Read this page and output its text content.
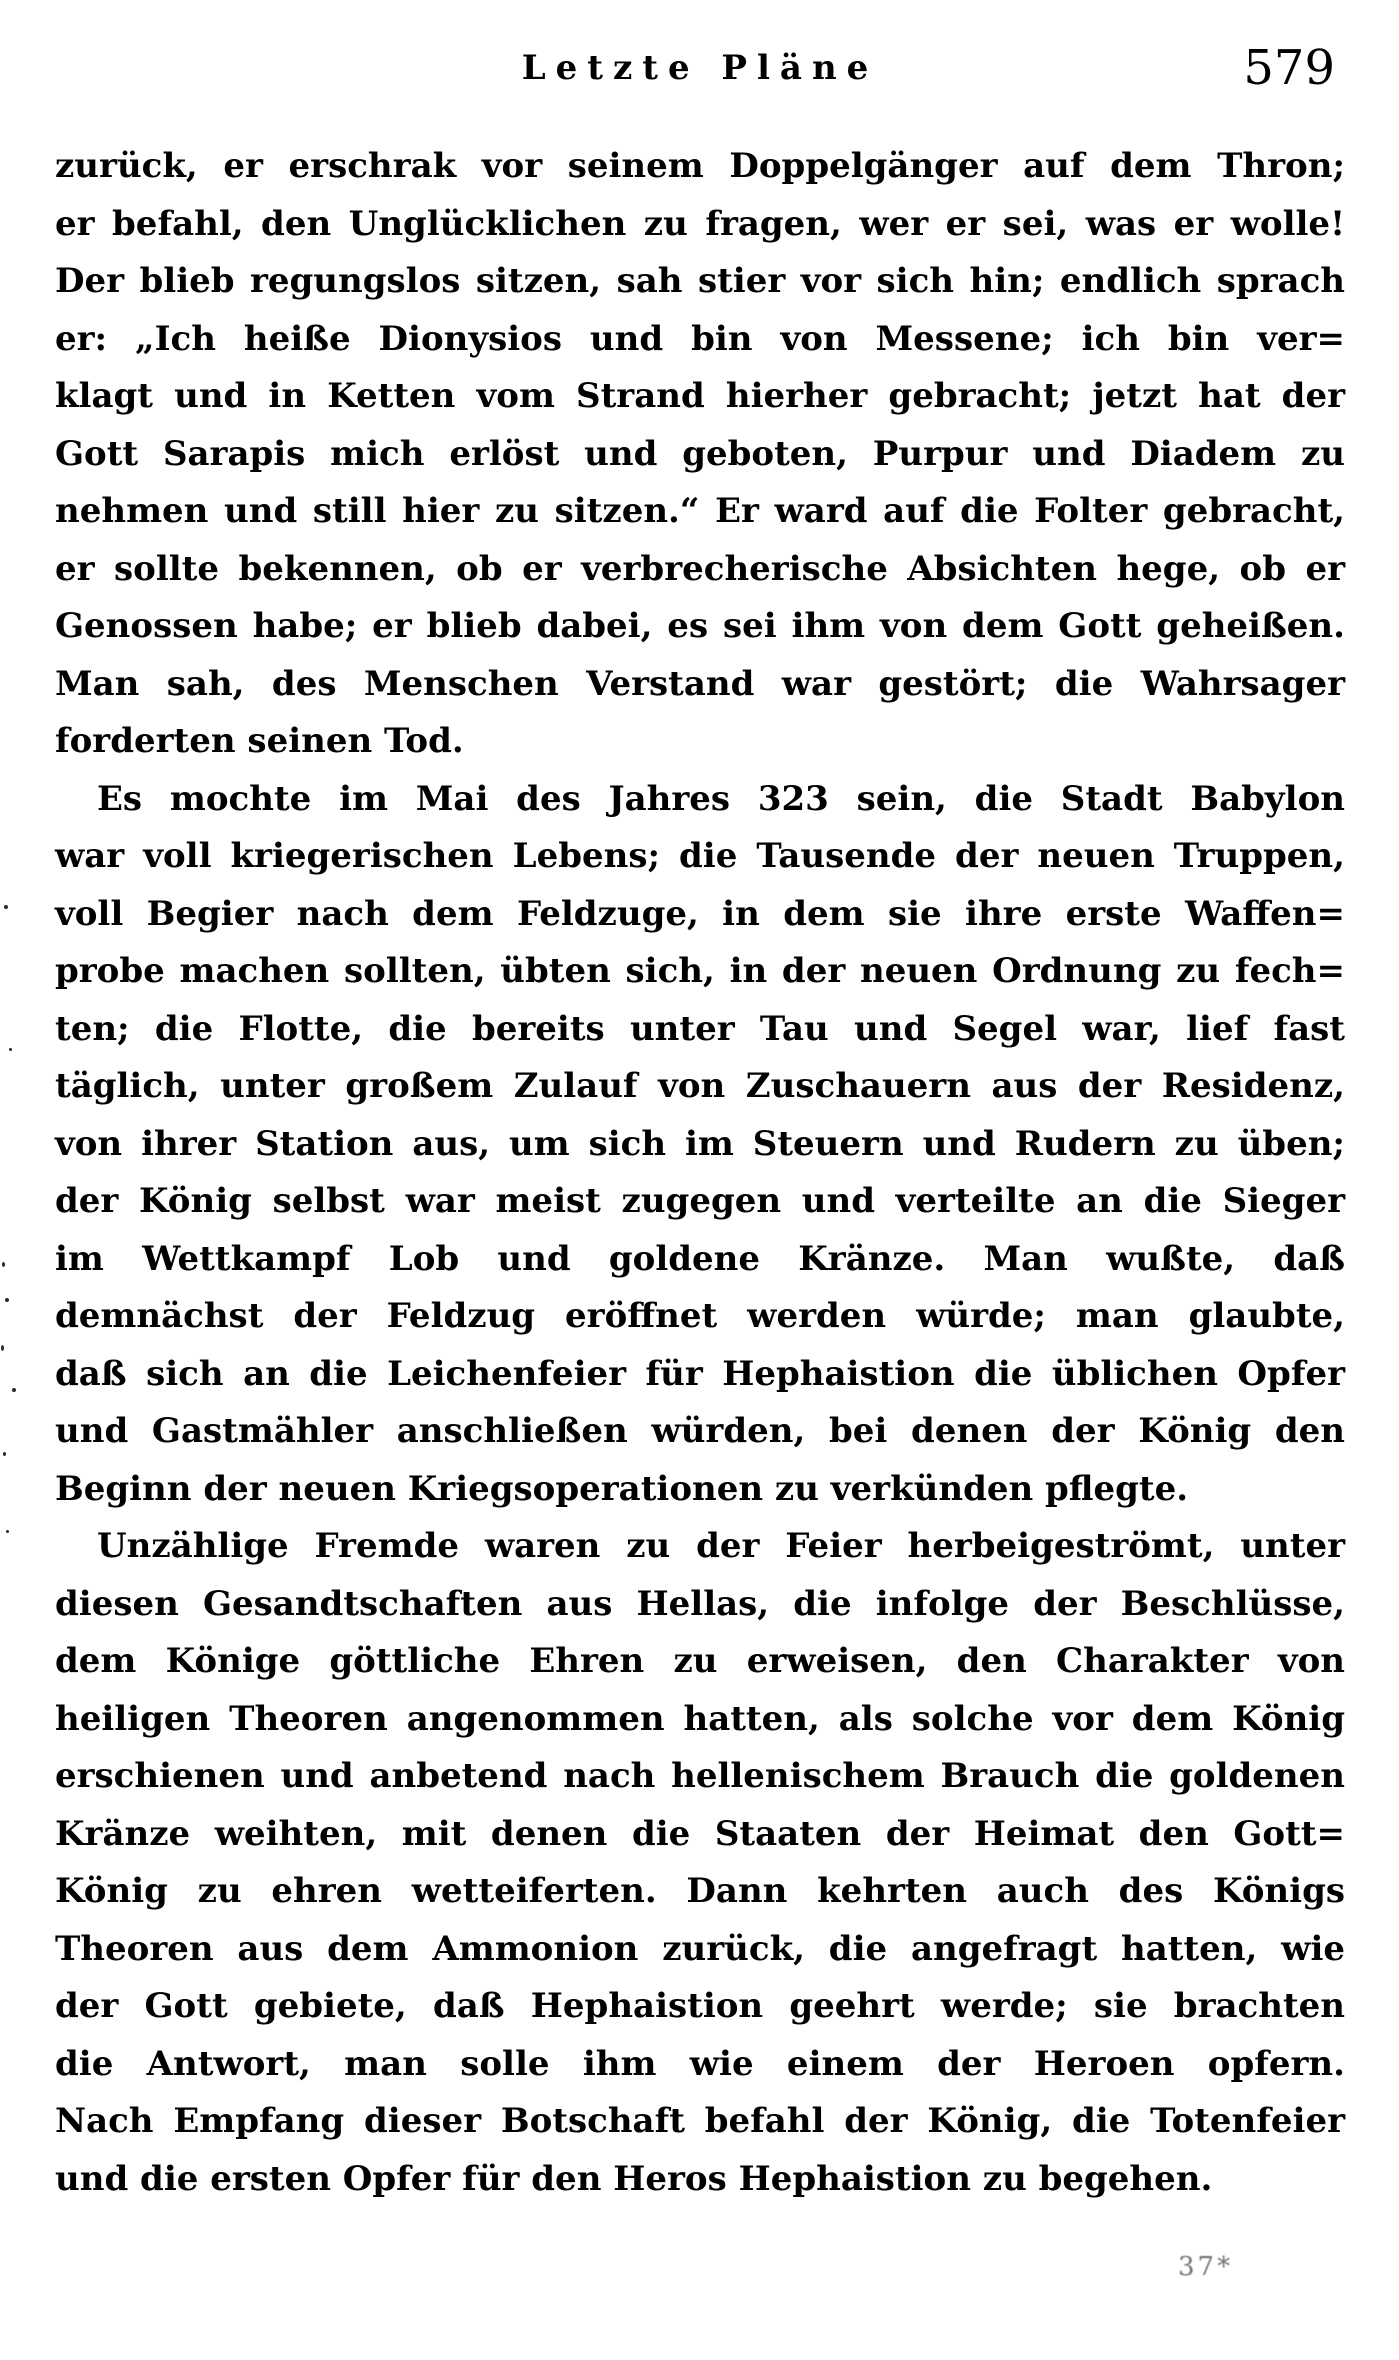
Letzte Pläne	579
zurück, er erschrak vor seinem Doppelgänger auf dem Thron;
er befahl, den Unglücklichen zu fragen, wer er sei, was er wolle!
Der blieb regungslos sitzen, sah stier vor sich hin; endlich sprach
er: „Ich heiße Dionysios und bin von Messene; ich bin ver=
klagt und in Ketten vom Strand hierher gebracht; jetzt hat der
Gott Sarapis mich erlöst und geboten, Purpur und Diadem zu
nehmen und still hier zu sitzen.“ Er ward auf die Folter gebracht,
er sollte bekennen, ob er verbrecherische Absichten hege, ob er
Genossen habe; er blieb dabei, es sei ihm von dem Gott geheißen.
Man sah, des Menschen Verstand war gestört; die Wahrsager
forderten seinen Tod.
Es mochte im Mai des Jahres 323 sein, die Stadt Babylon
war voll kriegerischen Lebens; die Tausende der neuen Truppen,
voll Begier nach dem Feldzuge, in dem sie ihre erste Waffen=
probe machen sollten, übten sich, in der neuen Ordnung zu fech=
ten; die Flotte, die bereits unter Tau und Segel war, lief fast
täglich, unter großem Zulauf von Zuschauern aus der Residenz,
von ihrer Station aus, um sich im Steuern und Rudern zu üben;
der König selbst war meist zugegen und verteilte an die Sieger
im Wettkampf Lob und goldene Kränze. Man wußte, daß
demnächst der Feldzug eröffnet werden würde; man glaubte,
daß sich an die Leichenfeier für Hephaistion die üblichen Opfer
und Gastmähler anschließen würden, bei denen der König den
Beginn der neuen Kriegsoperationen zu verkünden pflegte.
Unzählige Fremde waren zu der Feier herbeigeströmt, unter
diesen Gesandtschaften aus Hellas, die infolge der Beschlüsse,
dem Könige göttliche Ehren zu erweisen, den Charakter von
heiligen Theoren angenommen hatten, als solche vor dem König
erschienen und anbetend nach hellenischem Brauch die goldenen
Kränze weihten, mit denen die Staaten der Heimat den Gott=
König zu ehren wetteiferten. Dann kehrten auch des Königs
Theoren aus dem Ammonion zurück, die angefragt hatten, wie
der Gott gebiete, daß Hephaistion geehrt werde; sie brachten
die Antwort, man solle ihm wie einem der Heroen opfern.
Nach Empfang dieser Botschaft befahl der König, die Totenfeier
und die ersten Opfer für den Heros Hephaistion zu begehen.
37*
